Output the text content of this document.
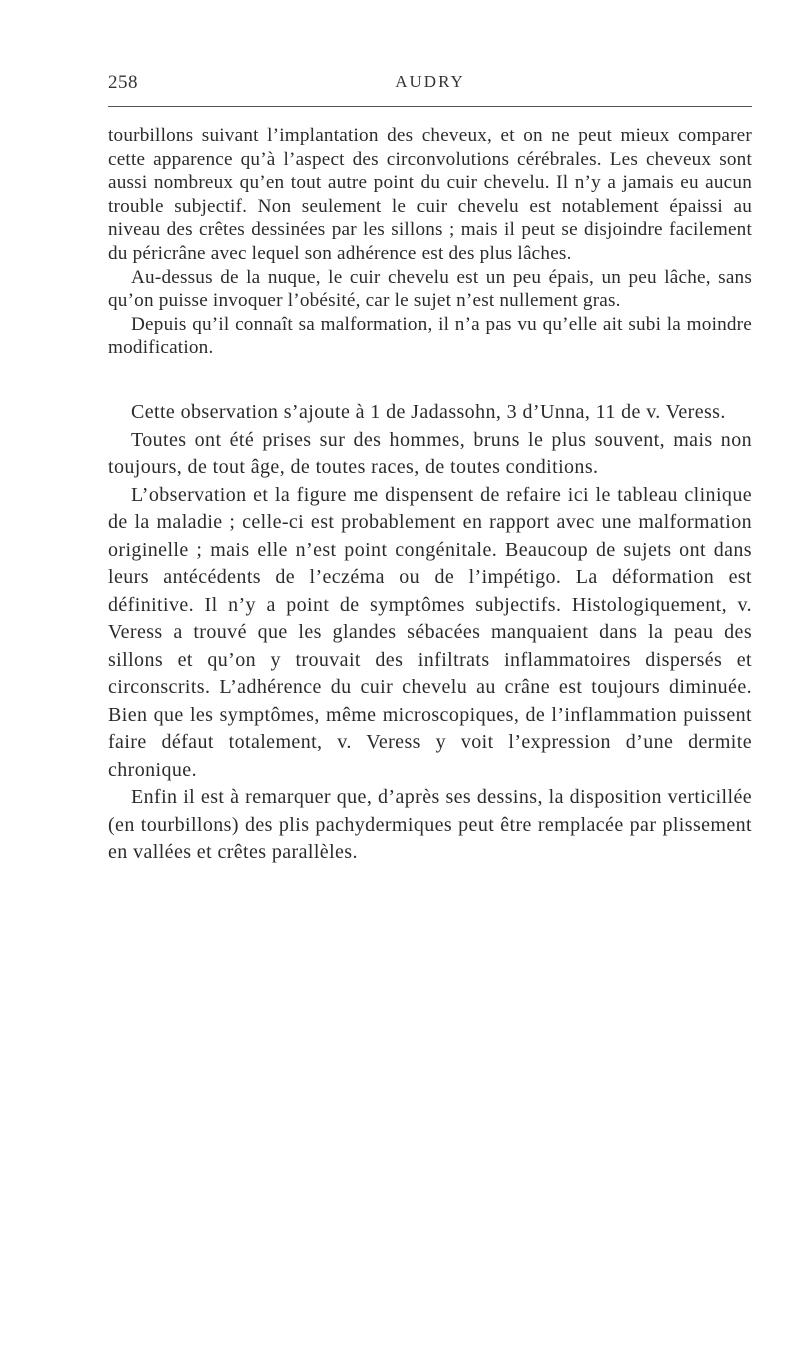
258	AUDRY

tourbillons suivant l’implantation des cheveux, et on ne peut mieux comparer cette apparence qu’à l’aspect des circonvolutions cérébrales. Les cheveux sont aussi nombreux qu’en tout autre point du cuir chevelu. Il n’y a jamais eu aucun trouble subjectif. Non seulement le cuir chevelu est notablement épaissi au niveau des crêtes dessinées par les sillons ; mais il peut se disjoindre facilement du péricrâne avec lequel son adhérence est des plus lâches.

Au-dessus de la nuque, le cuir chevelu est un peu épais, un peu lâche, sans qu’on puisse invoquer l’obésité, car le sujet n’est nullement gras.

Depuis qu’il connaît sa malformation, il n’a pas vu qu’elle ait subi la moindre modification.

Cette observation s’ajoute à 1 de Jadassohn, 3 d’Unna, 11 de v. Veress.

Toutes ont été prises sur des hommes, bruns le plus souvent, mais non toujours, de tout âge, de toutes races, de toutes conditions.

L’observation et la figure me dispensent de refaire ici le tableau clinique de la maladie ; celle-ci est probablement en rapport avec une malformation originelle ; mais elle n’est point congénitale. Beaucoup de sujets ont dans leurs antécédents de l’eczéma ou de l’impétigo. La déformation est définitive. Il n’y a point de symptômes subjectifs. Histologiquement, v. Veress a trouvé que les glandes sébacées manquaient dans la peau des sillons et qu’on y trouvait des infiltrats inflammatoires dispersés et circonscrits. L’adhérence du cuir chevelu au crâne est toujours diminuée. Bien que les symptômes, même microscopiques, de l’inflammation puissent faire défaut totalement, v. Veress y voit l’expression d’une dermite chronique.

Enfin il est à remarquer que, d’après ses dessins, la disposition verticillée (en tourbillons) des plis pachydermiques peut être remplacée par plissement en vallées et crêtes parallèles.
